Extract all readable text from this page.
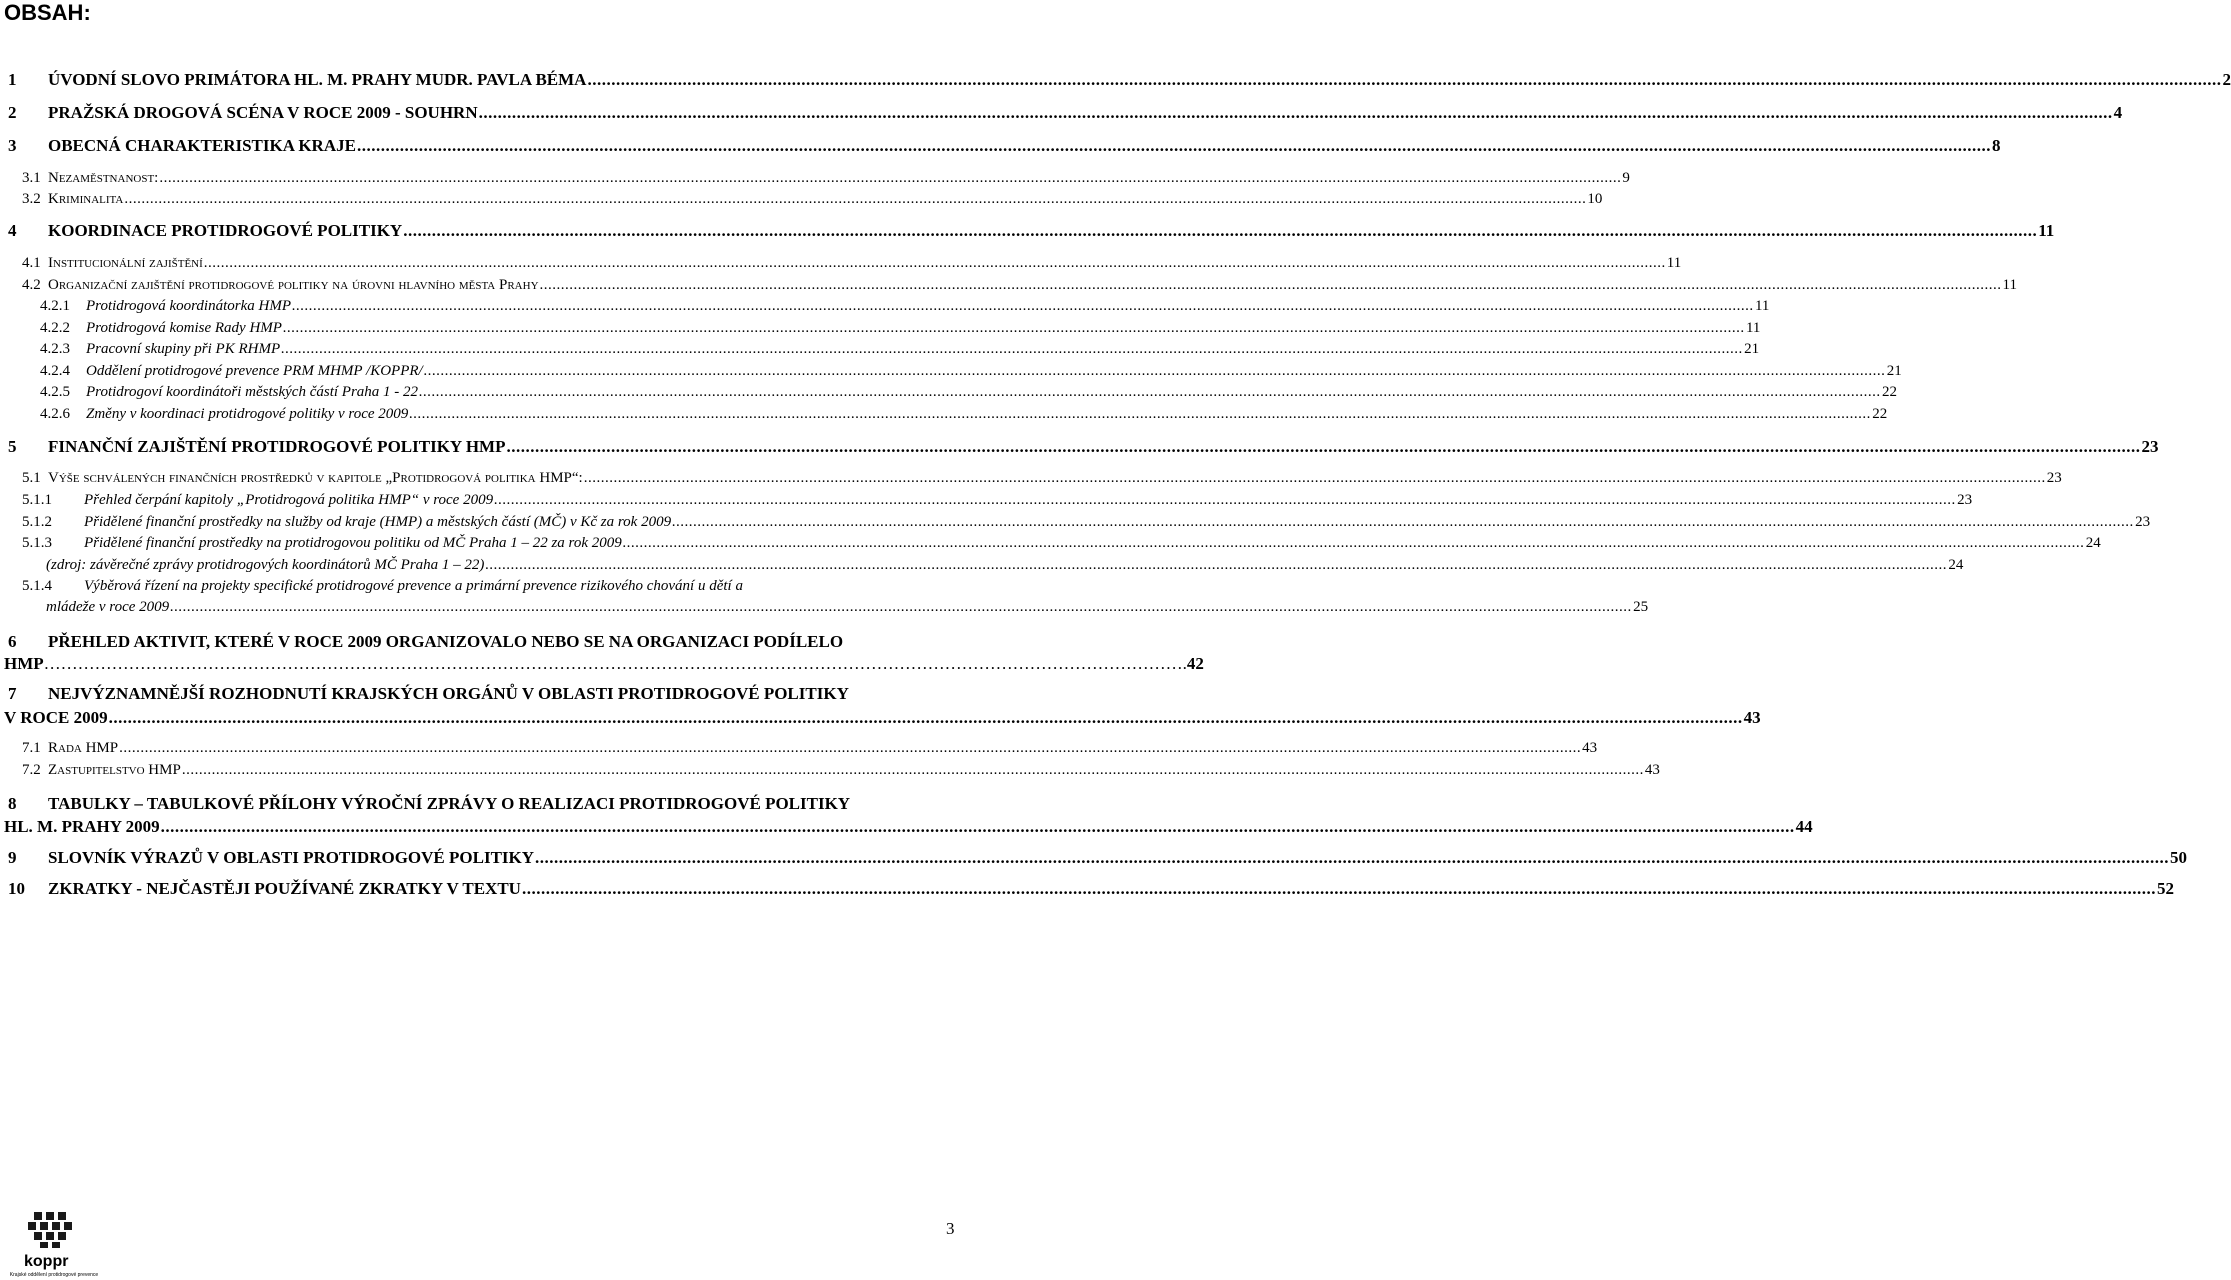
OBSAH:
1 ÚVODNÍ SLOVO PRIMÁTORA HL. M. PRAHY MUDR. PAVLA BÉMA .....	2
2 PRAŽSKÁ DROGOVÁ SCÉNA V ROCE 2009 - SOUHRN .....	4
3 OBECNÁ CHARAKTERISTIKA KRAJE .....	8
3.1 Nezaměstnanost: .....	9
3.2 Kriminalita .....	10
4 KOORDINACE PROTIDROGOVÉ POLITIKY .....	11
4.1 Institucionální zajištění .....	11
4.2 Organizační zajištění protidrogové politiky na úrovni hlavního města Prahy .....	11
4.2.1 Protidrogová koordinátorka HMP .....	11
4.2.2 Protidrogová komise Rady HMP .....	11
4.2.3 Pracovní skupiny při PK RHMP .....	21
4.2.4 Oddělení protidrogové prevence PRM MHMP /KOPPR/ .....	21
4.2.5 Protidrogoví koordinátoři městských částí Praha 1 - 22 .....	22
4.2.6 Změny v koordinaci protidrogové politiky v roce 2009 .....	22
5 FINANČNÍ ZAJIŠTĚNÍ PROTIDROGOVÉ POLITIKY HMP .....	23
5.1 Výše schválených finančních prostředků v kapitole „Protidrogová politika HMP“: .....	23
5.1.1 Přehled čerpání kapitoly „Protidrogová politika HMP“ v roce 2009 .....	23
5.1.2 Přidělené finanční prostředky na služby od kraje (HMP) a městských částí (MČ) v Kč za rok 2009 .....	23
5.1.3 Přidělené finanční prostředky na protidrogovou politiku od MČ Praha 1 – 22 za rok 2009 .....	24
(zdroj: závěrečné zprávy protidrogových koordinátorů MČ Praha 1 – 22) .....	24
5.1.4 Výběrová řízení na projekty specifické protidrogové prevence a primární prevence rizikového chování u dětí a
mládeže v roce 2009 .....	25
6 PŘEHLED AKTIVIT, KTERÉ V ROCE 2009 ORGANIZOVALO NEBO SE NA ORGANIZACI PODÍLELO
HMP …………………………………………………………………………………………………………………………………………………………………………………. 42
7 NEJVÝZNAMNĚJŠÍ ROZHODNUTÍ KRAJSKÝCH ORGÁNŮ V OBLASTI PROTIDROGOVÉ POLITIKY
V ROCE 2009 .....	43
7.1 Rada HMP .....	43
7.2 Zastupitelstvo HMP .....	43
8 TABULKY – TABULKOVÉ PŘÍLOHY VÝROČNÍ ZPRÁVY O REALIZACI PROTIDROGOVÉ POLITIKY
HL. M. PRAHY 2009 .....	44
9 SLOVNÍK VÝRAZŮ V OBLASTI PROTIDROGOVÉ POLITIKY .....	50
10 ZKRATKY - NEJČASTĚJI POUŽÍVANÉ ZKRATKY V TEXTU .....	52
koppr
Krajské oddělení protidrogové prevence
3
